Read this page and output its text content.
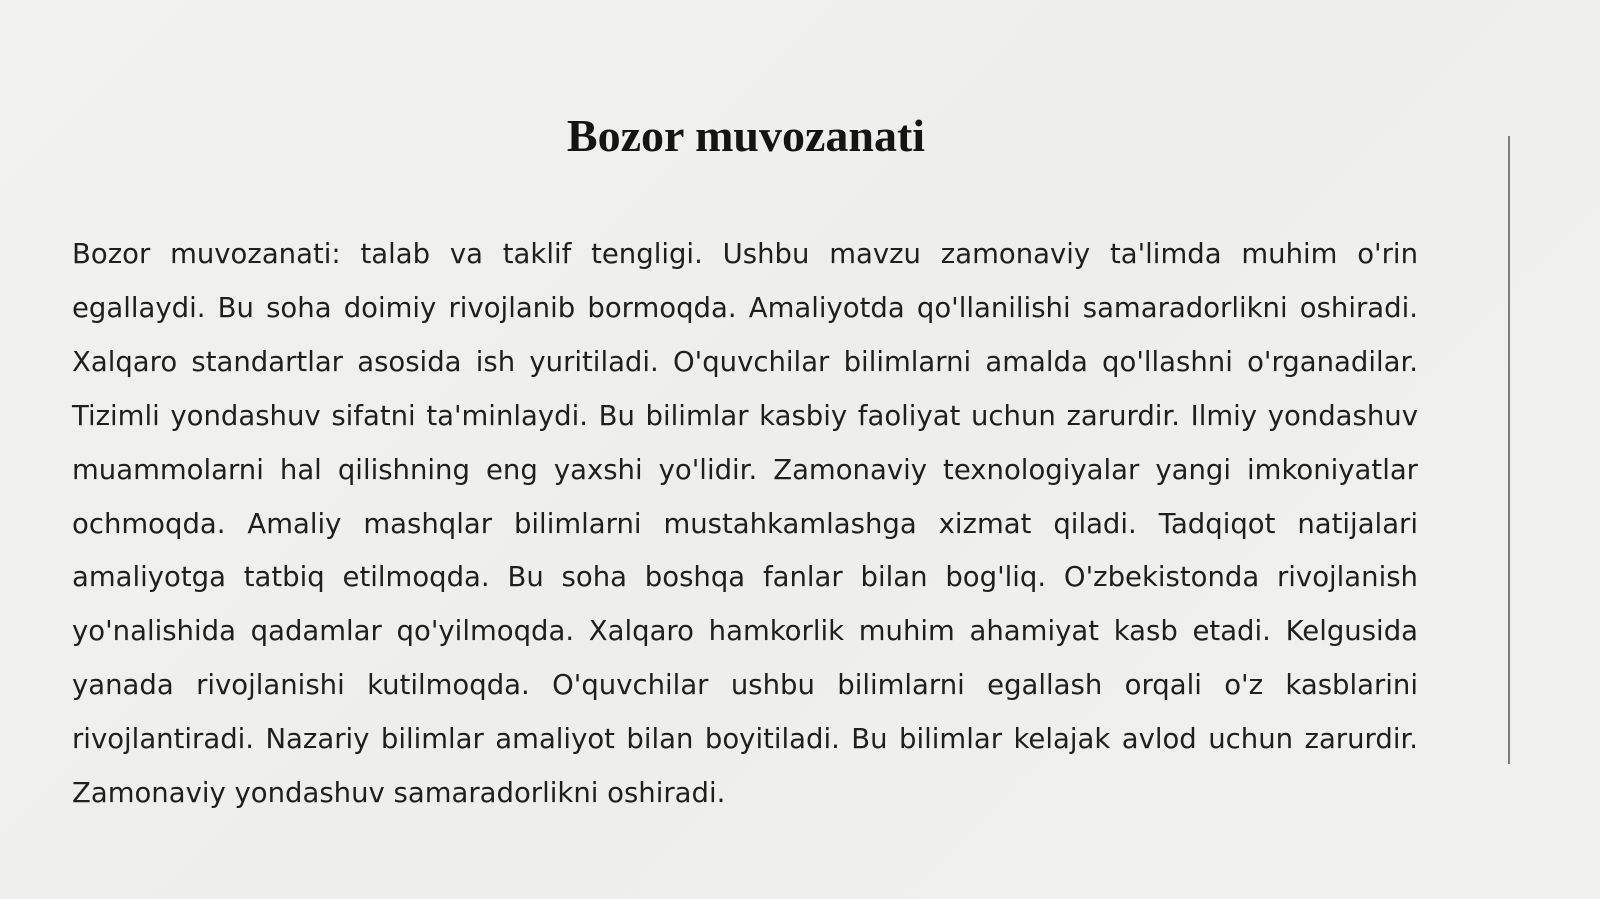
Bozor muvozanati

Bozor muvozanati: talab va taklif tengligi. Ushbu mavzu zamonaviy ta'limda muhim o'rin egallaydi. Bu soha doimiy rivojlanib bormoqda. Amaliyotda qo'llanilishi samaradorlikni oshiradi. Xalqaro standartlar asosida ish yuritiladi. O'quvchilar bilimlarni amalda qo'llashni o'rganadilar. Tizimli yondashuv sifatni ta'minlaydi. Bu bilimlar kasbiy faoliyat uchun zarurdir. Ilmiy yondashuv muammolarni hal qilishning eng yaxshi yo'lidir. Zamonaviy texnologiyalar yangi imkoniyatlar ochmoqda. Amaliy mashqlar bilimlarni mustahkamlashga xizmat qiladi. Tadqiqot natijalari amaliyotga tatbiq etilmoqda. Bu soha boshqa fanlar bilan bog'liq. O'zbekistonda rivojlanish yo'nalishida qadamlar qo'yilmoqda. Xalqaro hamkorlik muhim ahamiyat kasb etadi. Kelgusida yanada rivojlanishi kutilmoqda. O'quvchilar ushbu bilimlarni egallash orqali o'z kasblarini rivojlantiradi. Nazariy bilimlar amaliyot bilan boyitiladi. Bu bilimlar kelajak avlod uchun zarurdir. Zamonaviy yondashuv samaradorlikni oshiradi.
